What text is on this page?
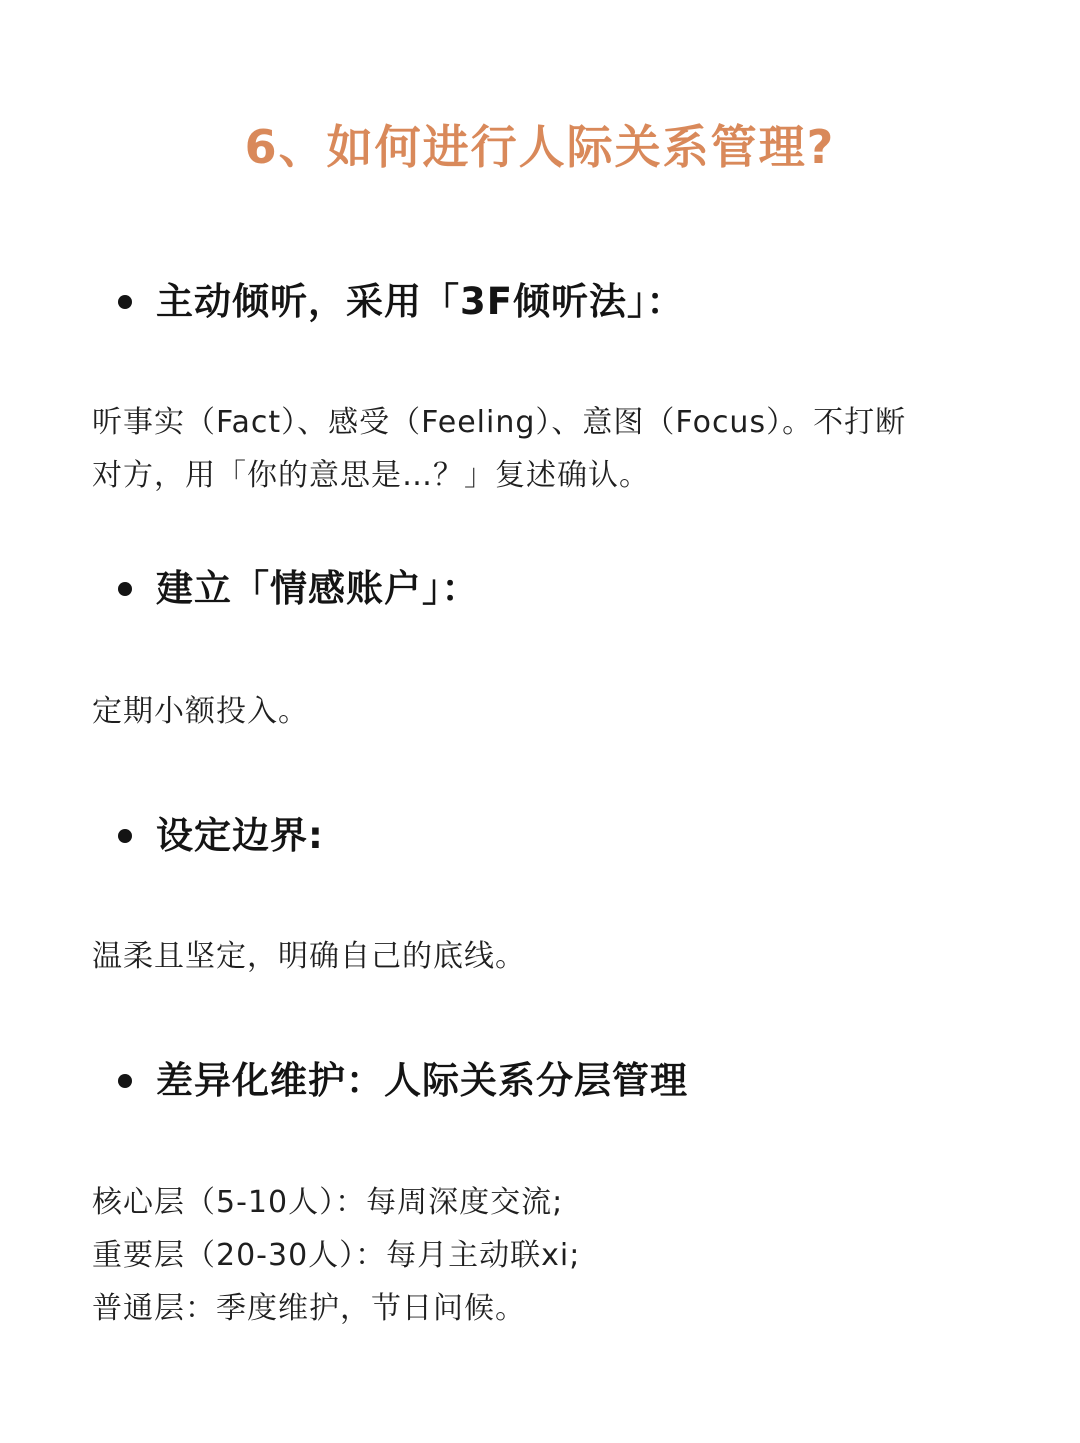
6、如何进行人际关系管理?
主动倾听，采用「3F倾听法」：
听事实（Fact）、感受（Feeling）、意图（Focus）。不打断
对方，用「你的意思是…？」复述确认。
建立「情感账户」：
定期小额投入。
设定边界:
温柔且坚定，明确自己的底线。
差异化维护：人际关系分层管理
核心层（5-10人）：每周深度交流;
重要层（20-30人）：每月主动联xi;
普通层：季度维护，节日问候。
